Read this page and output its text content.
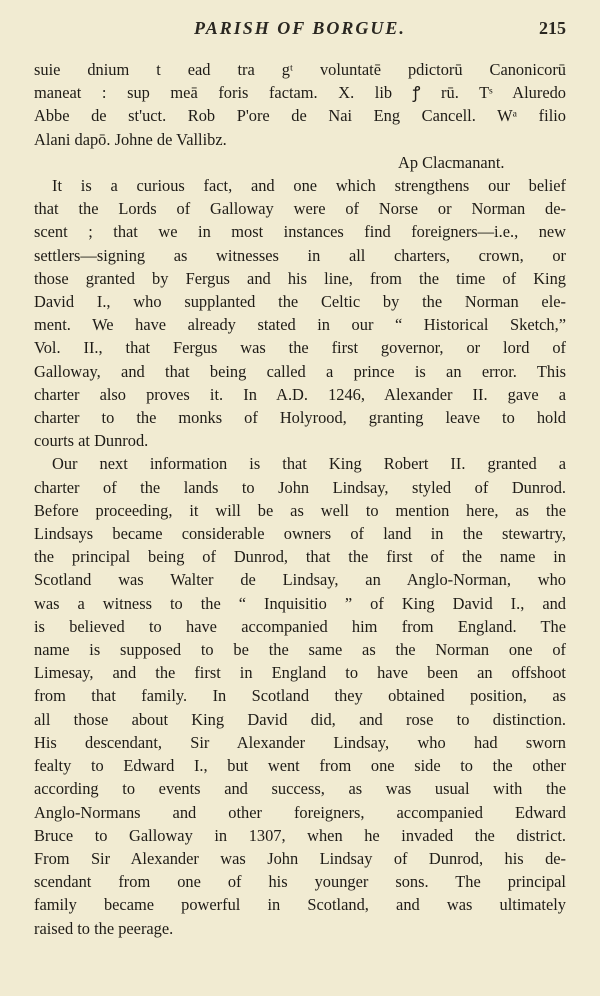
PARISH OF BORGUE.	215
suie dnium t ead tra gᵗ voluntatē pdictorū Canonicorū
maneat : sup meā foris factam. X. lib ꝭ rū. Tˢ Aluredo
Abbe de st'uct. Rob P'ore de Nai Eng Cancell. Wᵃ filio
Alani dapō. Johne de Vallibz.
Ap Clacmanant.
It is a curious fact, and one which strengthens our belief
that the Lords of Galloway were of Norse or Norman de-
scent ; that we in most instances find foreigners—i.e., new
settlers—signing as witnesses in all charters, crown, or
those granted by Fergus and his line, from the time of King
David I., who supplanted the Celtic by the Norman ele-
ment. We have already stated in our “ Historical Sketch,”
Vol. II., that Fergus was the first governor, or lord of
Galloway, and that being called a prince is an error. This
charter also proves it. In A.D. 1246, Alexander II. gave a
charter to the monks of Holyrood, granting leave to hold
courts at Dunrod.
Our next information is that King Robert II. granted a
charter of the lands to John Lindsay, styled of Dunrod.
Before proceeding, it will be as well to mention here, as the
Lindsays became considerable owners of land in the stewartry,
the principal being of Dunrod, that the first of the name in
Scotland was Walter de Lindsay, an Anglo-Norman, who
was a witness to the “ Inquisitio ” of King David I., and
is believed to have accompanied him from England. The
name is supposed to be the same as the Norman one of
Limesay, and the first in England to have been an offshoot
from that family. In Scotland they obtained position, as
all those about King David did, and rose to distinction.
His descendant, Sir Alexander Lindsay, who had sworn
fealty to Edward I., but went from one side to the other
according to events and success, as was usual with the
Anglo-Normans and other foreigners, accompanied Edward
Bruce to Galloway in 1307, when he invaded the district.
From Sir Alexander was John Lindsay of Dunrod, his de-
scendant from one of his younger sons. The principal
family became powerful in Scotland, and was ultimately
raised to the peerage.
